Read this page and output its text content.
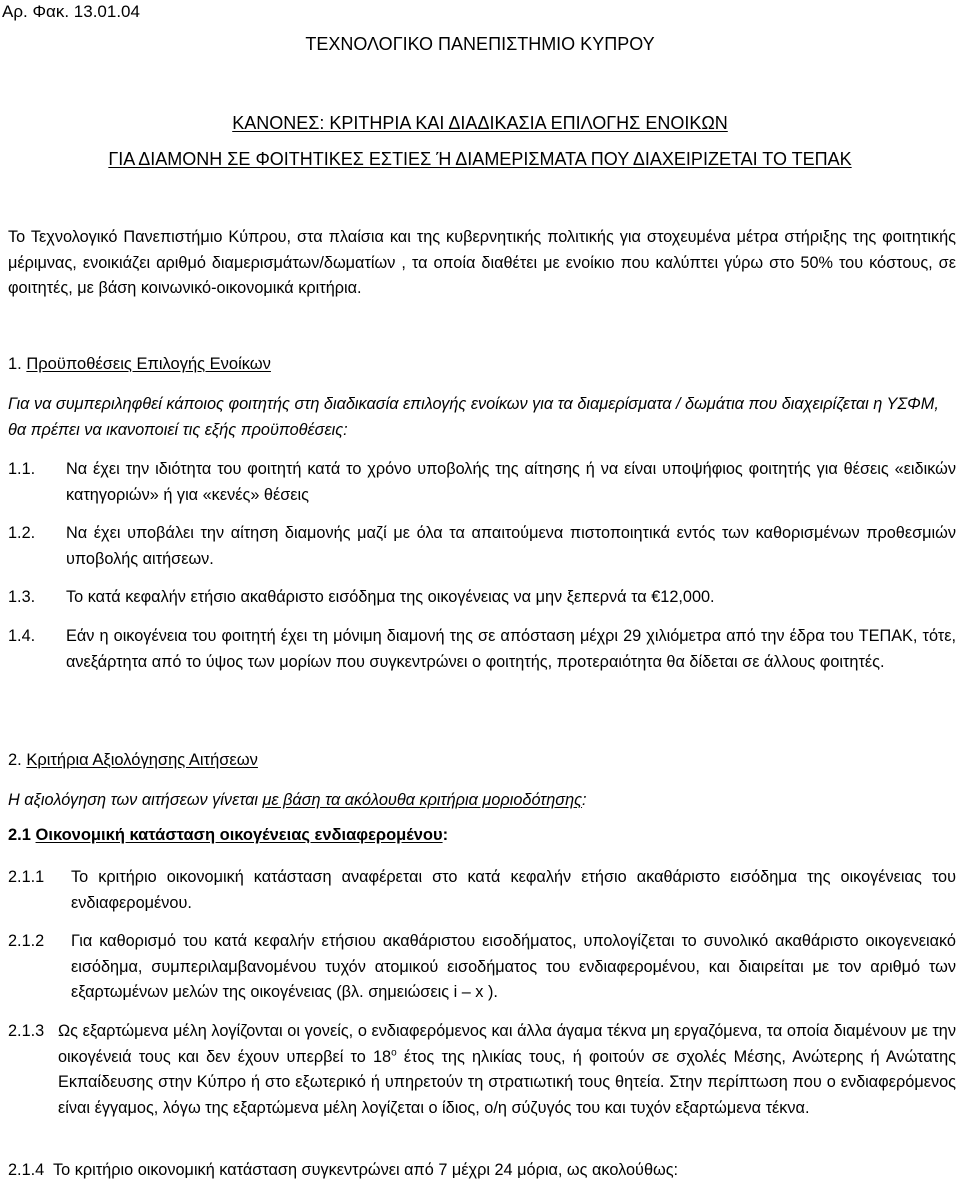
Αρ. Φακ. 13.01.04
ΤΕΧΝΟΛΟΓΙΚΟ ΠΑΝΕΠΙΣΤΗΜΙΟ ΚΥΠΡΟΥ
ΚΑΝΟΝΕΣ: ΚΡΙΤΗΡΙΑ ΚΑΙ ΔΙΑΔΙΚΑΣΙΑ ΕΠΙΛΟΓΗΣ ΕΝΟΙΚΩΝ
ΓΙΑ ΔΙΑΜΟΝΗ ΣΕ ΦΟΙΤΗΤΙΚΕΣ ΕΣΤΙΕΣ Ή ΔΙΑΜΕΡΙΣΜΑΤΑ ΠΟΥ ΔΙΑΧΕΙΡΙΖΕΤΑΙ ΤΟ ΤΕΠΑΚ
Το Τεχνολογικό Πανεπιστήμιο Κύπρου, στα πλαίσια και της κυβερνητικής πολιτικής για στοχευμένα μέτρα στήριξης της φοιτητικής μέριμνας, ενοικιάζει αριθμό διαμερισμάτων/δωματίων , τα οποία διαθέτει με ενοίκιο που καλύπτει γύρω στο 50% του κόστους, σε φοιτητές, με βάση κοινωνικό-οικονομικά κριτήρια.
1. Προϋποθέσεις Επιλογής Ενοίκων
Για να συμπεριληφθεί κάποιος φοιτητής στη διαδικασία επιλογής ενοίκων για τα διαμερίσματα / δωμάτια που διαχειρίζεται η ΥΣΦΜ, θα πρέπει να ικανοποιεί τις εξής προϋποθέσεις:
1.1. Να έχει την ιδιότητα του φοιτητή κατά το χρόνο υποβολής της αίτησης ή να είναι υποψήφιος φοιτητής για θέσεις «ειδικών κατηγοριών» ή για «κενές» θέσεις
1.2. Να έχει υποβάλει την αίτηση διαμονής μαζί με όλα τα απαιτούμενα πιστοποιητικά εντός των καθορισμένων προθεσμιών υποβολής αιτήσεων.
1.3. Το κατά κεφαλήν ετήσιο ακαθάριστο εισόδημα της οικογένειας να μην ξεπερνά τα €12,000.
1.4. Εάν η οικογένεια του φοιτητή έχει τη μόνιμη διαμονή της σε απόσταση μέχρι 29 χιλιόμετρα από την έδρα του ΤΕΠΑΚ, τότε, ανεξάρτητα από το ύψος των μορίων που συγκεντρώνει ο φοιτητής, προτεραιότητα θα δίδεται σε άλλους φοιτητές.
2. Κριτήρια Αξιολόγησης Αιτήσεων
Η αξιολόγηση των αιτήσεων γίνεται με βάση τα ακόλουθα κριτήρια μοριοδότησης:
2.1 Οικονομική κατάσταση οικογένειας ενδιαφερομένου:
2.1.1 Το κριτήριο οικονομική κατάσταση αναφέρεται στο κατά κεφαλήν ετήσιο ακαθάριστο εισόδημα της οικογένειας του ενδιαφερομένου.
2.1.2 Για καθορισμό του κατά κεφαλήν ετήσιου ακαθάριστου εισοδήματος, υπολογίζεται το συνολικό ακαθάριστο οικογενειακό εισόδημα, συμπεριλαμβανομένου τυχόν ατομικού εισοδήματος του ενδιαφερομένου, και διαιρείται με τον αριθμό των εξαρτωμένων μελών της οικογένειας (βλ. σημειώσεις i – x ).
2.1.3 Ως εξαρτώμενα μέλη λογίζονται οι γονείς, ο ενδιαφερόμενος και άλλα άγαμα τέκνα μη εργαζόμενα, τα οποία διαμένουν με την οικογένειά τους και δεν έχουν υπερβεί το $18^o$ έτος της ηλικίας τους, ή φοιτούν σε σχολές Μέσης, Ανώτερης ή Ανώτατης Εκπαίδευσης στην Κύπρο ή στο εξωτερικό ή υπηρετούν τη στρατιωτική τους θητεία. Στην περίπτωση που ο ενδιαφερόμενος είναι έγγαμος, λόγω της εξαρτώμενα μέλη λογίζεται ο ίδιος, ο/η σύζυγός του και τυχόν εξαρτώμενα τέκνα.
2.1.4 Το κριτήριο οικονομική κατάσταση συγκεντρώνει από 7 μέχρι 24 μόρια, ως ακολούθως:
